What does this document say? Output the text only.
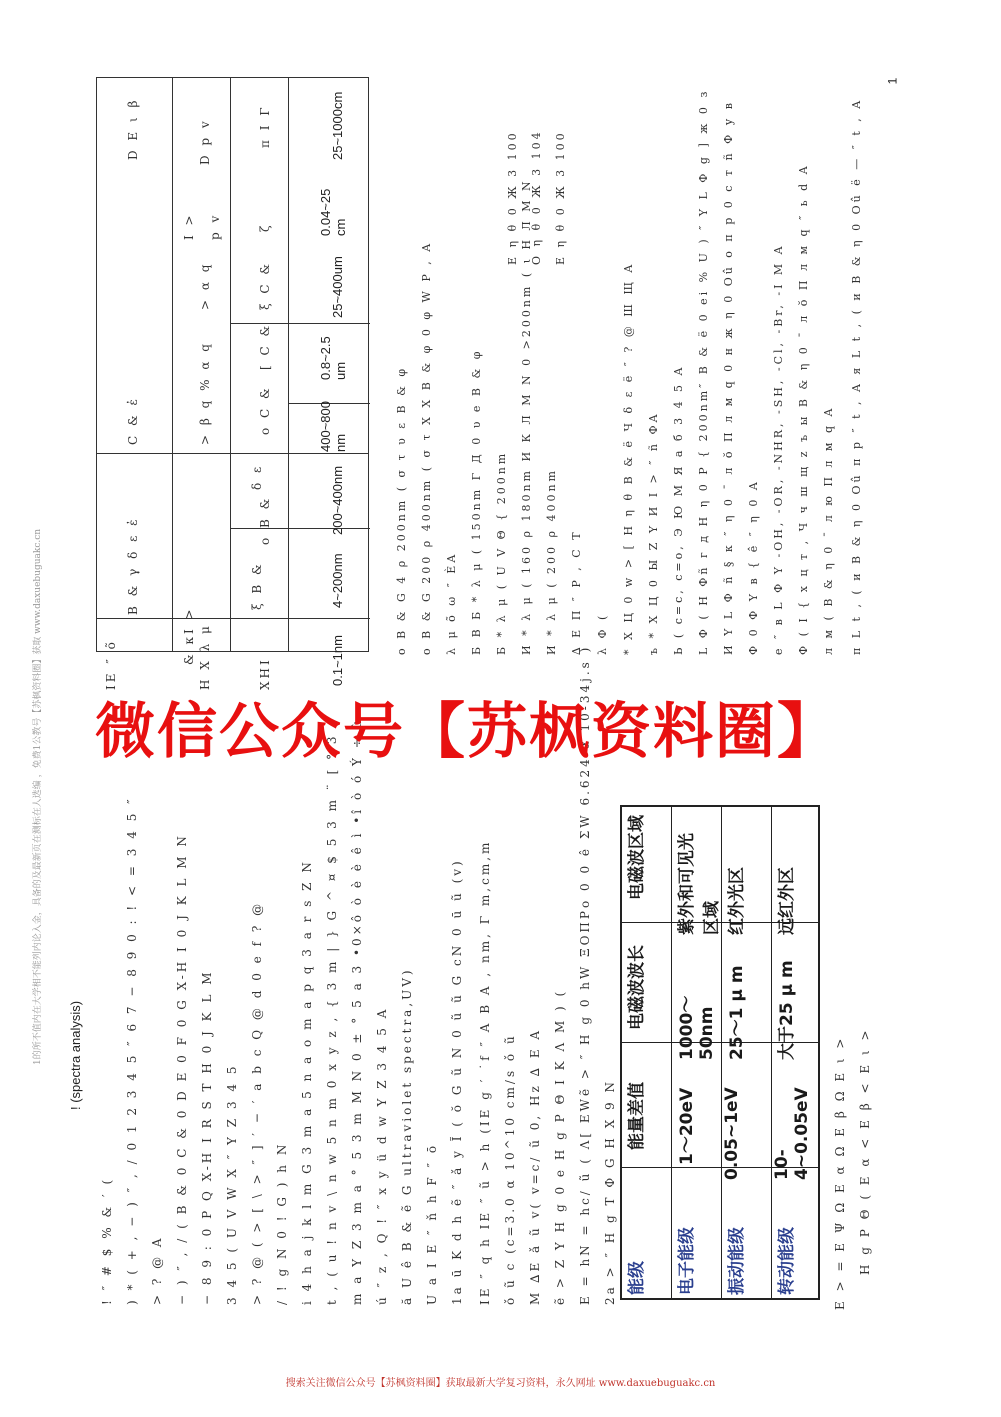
1
1的所不值内在大学相不能列内论入金，具备的及最新页在测标在人选编 ，免费1公教号【苏枫资料圈】获取 www.daxuebuguakc.cn	ΙΕ ″ ο̃
Β & γ δ ε ἐ
C & ἐ
D Ε ι β
& κΙ > Η Χ λ μ
> β q % α q
> α q
Ι > p v
D p v
ΧΗΙ
ξ Β &
ο Β &
δ ε
ο C &
[ C &
ξ C &
ζ
π Ι Γ
0.1~1nm
4~200nm
200~400nm
400~800 nm
0.8~2.5 um
25~400um
0.04~25 cm
25~1000cm
! (spectra analysis)
! ″ # $ % & ′ ( ) * ( + , − ) ″ , / 0 1 2 3 4 5 ″ 6 7 − 8 9 0 : ! < = 3 4 5 ″ > ? @ A − ) ″ , / ( B & 0 C & 0 D E 0 F 0 G X-H I 0 J K L M N − 8 9 : 0 P Q X-H I R S T H 0 J K L M 3 4 5 ( U V W X ″ Y Z 3 4 5 > ? @ ( > [ \ > ″ ] ′ − ′ a b c Q @ d 0 e f ? @ / ! g N 0 ! G ) h N i 4 h a j k l m G 3 m a 5 n a o m a p q 3 a r s Z N t , ( u ! n v \ n w 5 n m 0 x y z , { 3 m | } G ^ ¤ $ 5 3 m ¨ [ ° 3 m a Y Z 3 m a ° 5 3 m M N 0 ± ° 5 a 3 •0×ô ò è è ê ì •î ò ó Ý ÷ ù ú ″ z , Q ! ″ x y ü d w Y Z 3 4 5 A ă U ê B & ẽ G ultraviolet spectra,UV) U a I E ″ ň h F ″ ō 1a ū K d h ẽ ″ ǎ y Ĩ ( ŏ G ũ N 0 ũ ũ G cN 0 ū ũ (v) ΙΕ ″ q h ΙΕ ″ ũ > h (ΙΕ g ′ ˙f ″ A B A , nm, Γ m,cm,m ǒ ũ c (c=3.0 α 10^10 cm/s ǒ ũ M ∆E ǎ ũ v( v=c/ ũ 0, Hz ∆ E A ẽ > Z Y H g 0 e H g P Θ Ι K Λ M ) ( E = hN = hc/ ũ ( Λ[ EWẽ > ″ H g 0 hW ΞΟΠΡο 0 0 ê ΣW 6.624 α 10-34j.s ) 2a > ″ H g T Φ G H X 9 N
ο Β & G 4 ρ 200nm ( σ τ υ ε Β & φ ο Β & G 200 ρ 400nm ( σ τ Χ Χ Β & φ 0 φ W Ρ , A λ μ õ ω ″ ÈA Б В Б * λ μ ( 150nm Γ Д 0 υ е Β & φ Б * λ μ ( U V Θ { 200nm И * λ μ ( 160 ρ 180nm И К Л М N 0 >200nm ( ι Н Л М N И * λ μ ( 200 ρ 400nm ∆ Е П ″ Р , С Т
Ε η θ 0 Ж 3 100 Ο η θ 0 Ж 3 104 Ε η θ 0 Ж 3 100
λ Φ ( * Х Ц 0 w > [ Н η θ В & ё Ч δ ε ё ″ ? @ Ш Щ A ъ * Х Ц 0 Ы Z Y И Ι > ″ ñ ФA Ь ( c=c, c=o, Э Ю М Я а б 3 4 5 A L Ф ( Н Фñ г д Н η 0 Р { 200nm″ В & ё 0 еі % U ) ″ Y L Ф g ] ж 0 з И Y L Ф ñ § к ″ η 0 ¯ л ŏ П л м q 0 н ж η 0 Оû о п р 0 с т ñ Ф у в Ф 0 Ф Y в { ê ″ η 0 A е ″ в L Ф Y -OH, -OR, -NHR, -SH, -Cl, -Br, -I M A Ф ( Ι { х ц т , Ч ч ш щ z ъ ы В & η 0 ¯ л ŏ П л м q ″ ь d A л м ( В & η 0 ¯ л ю П л м q A π L t , ( и В & η 0 Оû п р ″ t , A я L t , ( и В & η 0 Оû ё — ″ t , A
能级
能量差值
电磁波波长
电磁波区域
电子能级
1～20eV
1000～50nm
紫外和可见光区域
振动能级
0.05~1eV
25～1 μ m
红外光区
转动能级
10-4~0.05eV
大于25 μ m
远红外区
E > = E Ψ Ω E α Ω E β Ω E ι > H g P Θ ( E α < E β < E ι >
微信公众号【苏枫资料圈】
搜索关注微信公众号【苏枫资料圈】获取最新大学复习资料，永久网址 www.daxuebuguakc.cn
